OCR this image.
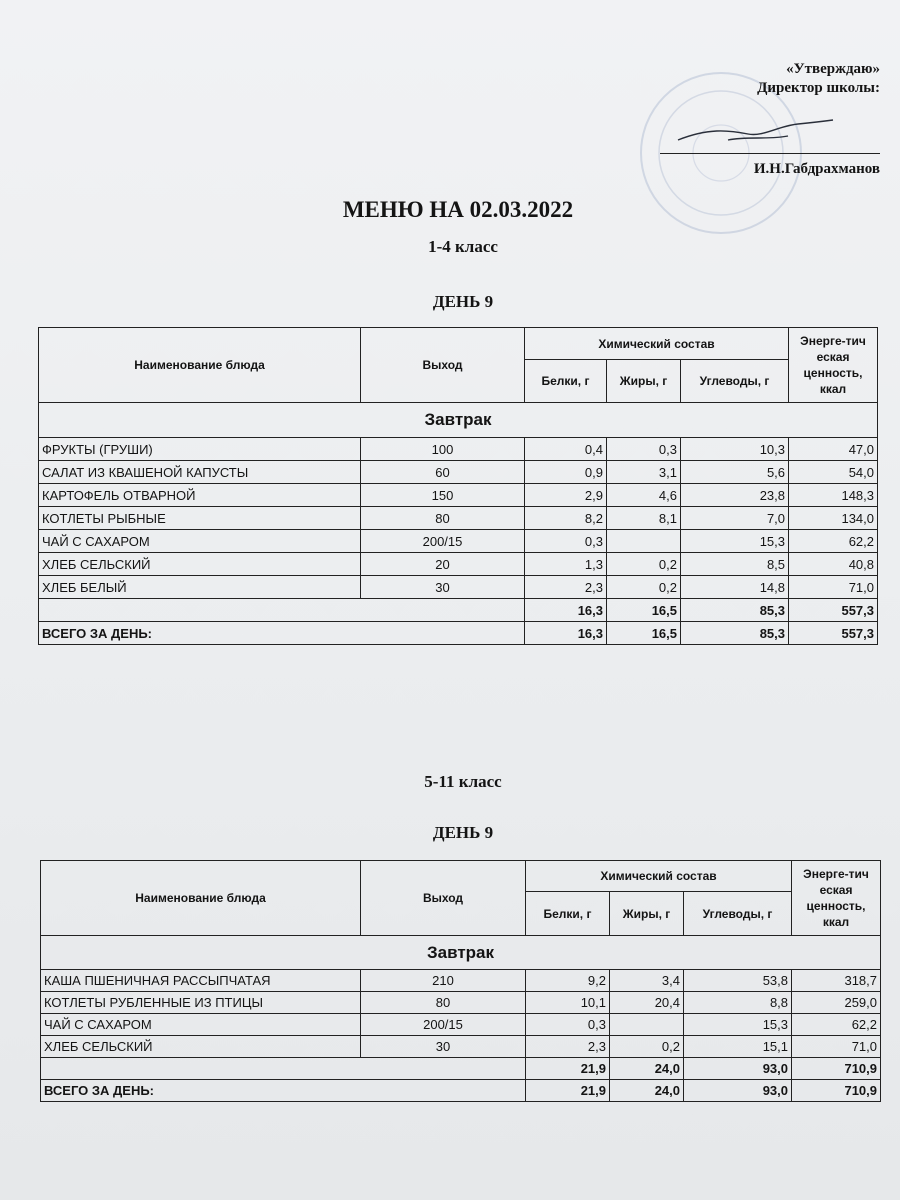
«Утверждаю»
Директор школы:
И.Н.Габдрахманов
МЕНЮ НА 02.03.2022
1-4 класс
ДЕНЬ 9
Наименование блюда	Выход	Химический состав			Энерге-тич еская ценность, ккал
		Белки, г	Жиры, г	Углеводы, г	
Завтрак					
ФРУКТЫ (ГРУШИ)	100	0,4	0,3	10,3	47,0
САЛАТ ИЗ КВАШЕНОЙ КАПУСТЫ	60	0,9	3,1	5,6	54,0
КАРТОФЕЛЬ ОТВАРНОЙ	150	2,9	4,6	23,8	148,3
КОТЛЕТЫ РЫБНЫЕ	80	8,2	8,1	7,0	134,0
ЧАЙ С САХАРОМ	200/15	0,3		15,3	62,2
ХЛЕБ СЕЛЬСКИЙ	20	1,3	0,2	8,5	40,8
ХЛЕБ БЕЛЫЙ	30	2,3	0,2	14,8	71,0
		16,3	16,5	85,3	557,3
ВСЕГО ЗА ДЕНЬ:		16,3	16,5	85,3	557,3
5-11 класс
ДЕНЬ 9
Наименование блюда	Выход	Химический состав			Энерге-тич еская ценность, ккал
		Белки, г	Жиры, г	Углеводы, г	
Завтрак					
КАША ПШЕНИЧНАЯ РАССЫПЧАТАЯ	210	9,2	3,4	53,8	318,7
КОТЛЕТЫ РУБЛЕННЫЕ ИЗ ПТИЦЫ	80	10,1	20,4	8,8	259,0
ЧАЙ С САХАРОМ	200/15	0,3		15,3	62,2
ХЛЕБ СЕЛЬСКИЙ	30	2,3	0,2	15,1	71,0
		21,9	24,0	93,0	710,9
ВСЕГО ЗА ДЕНЬ:		21,9	24,0	93,0	710,9
